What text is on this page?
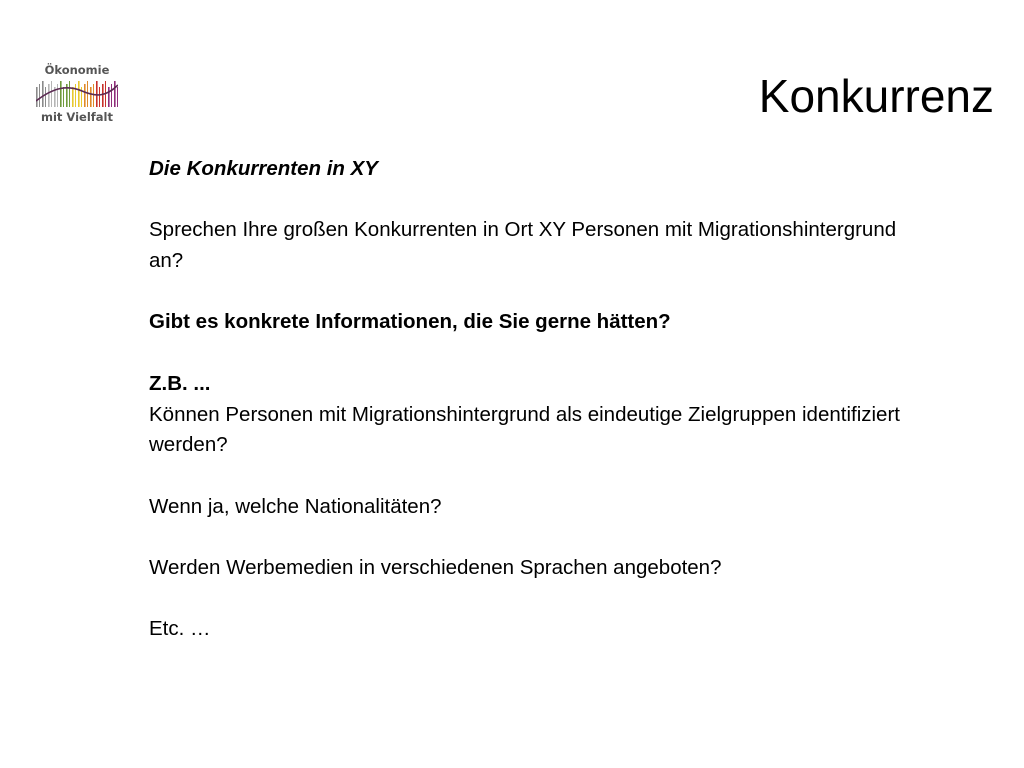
Ökonomie
mit Vielfalt	Konkurrenz

Die Konkurrenten in XY

Sprechen Ihre großen Konkurrenten in Ort XY Personen mit Migrationshintergrund an?

Gibt es konkrete Informationen, die Sie gerne hätten?

Z.B. ...

Können Personen mit Migrationshintergrund als eindeutige Zielgruppen identifiziert werden?

Wenn ja, welche Nationalitäten?

Werden Werbemedien in verschiedenen Sprachen angeboten?

Etc. …
